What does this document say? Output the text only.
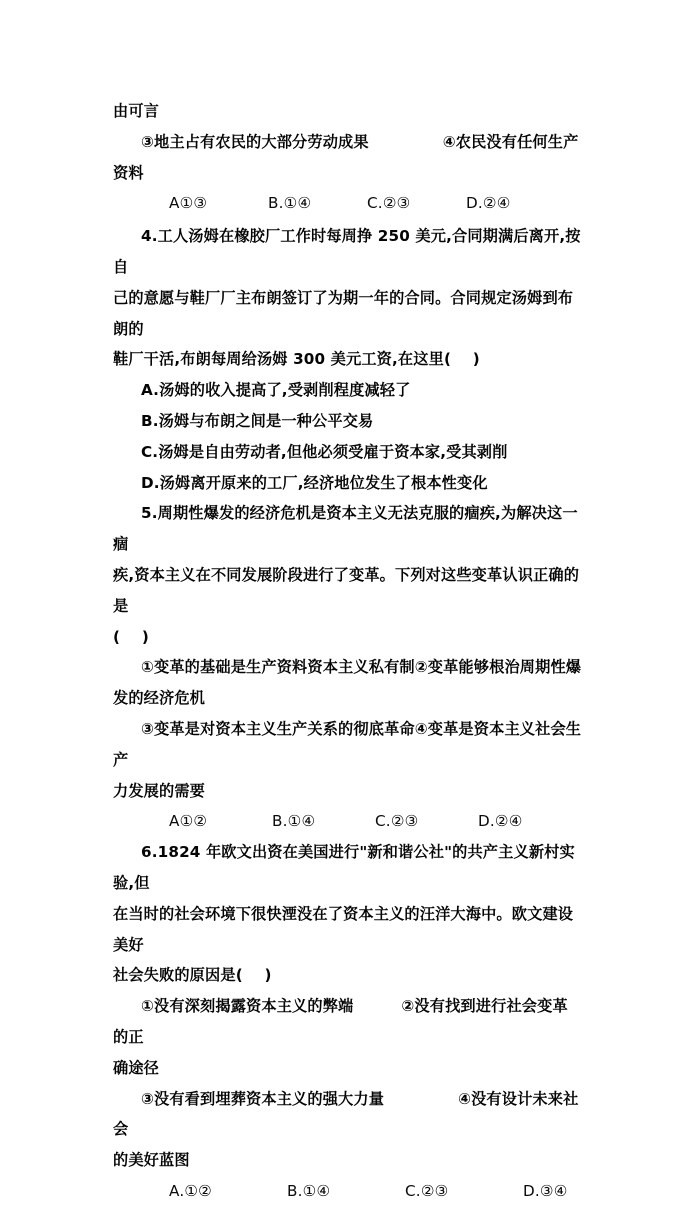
由可言

③地主占有农民的大部分劳动成果	④农民没有任何生产资料

A①③	B.①④	C.②③	D.②④

4.工人汤姆在橡胶厂工作时每周挣 250 美元,合同期满后离开,按自

己的意愿与鞋厂厂主布朗签订了为期一年的合同。合同规定汤姆到布朗的

鞋厂干活,布朗每周给汤姆 300 美元工资,在这里(    )

A.汤姆的收入提高了,受剥削程度减轻了

B.汤姆与布朗之间是一种公平交易

C.汤姆是自由劳动者,但他必须受雇于资本家,受其剥削

D.汤姆离开原来的工厂,经济地位发生了根本性变化

5.周期性爆发的经济危机是资本主义无法克服的痼疾,为解决这一痼

疾,资本主义在不同发展阶段进行了变革。下列对这些变革认识正确的是

(    )

①变革的基础是生产资料资本主义私有制②变革能够根治周期性爆

发的经济危机

③变革是对资本主义生产关系的彻底革命④变革是资本主义社会生产

力发展的需要

A①②	B.①④	C.②③	D.②④

6.1824 年欧文出资在美国进行"新和谐公社"的共产主义新村实验,但

在当时的社会环境下很快湮没在了资本主义的汪洋大海中。欧文建设美好

社会失败的原因是(    )

①没有深刻揭露资本主义的弊端	②没有找到进行社会变革的正

确途径

③没有看到埋葬资本主义的强大力量	④没有设计未来社会

的美好蓝图

A.①②	B.①④	C.②③	D.③④
